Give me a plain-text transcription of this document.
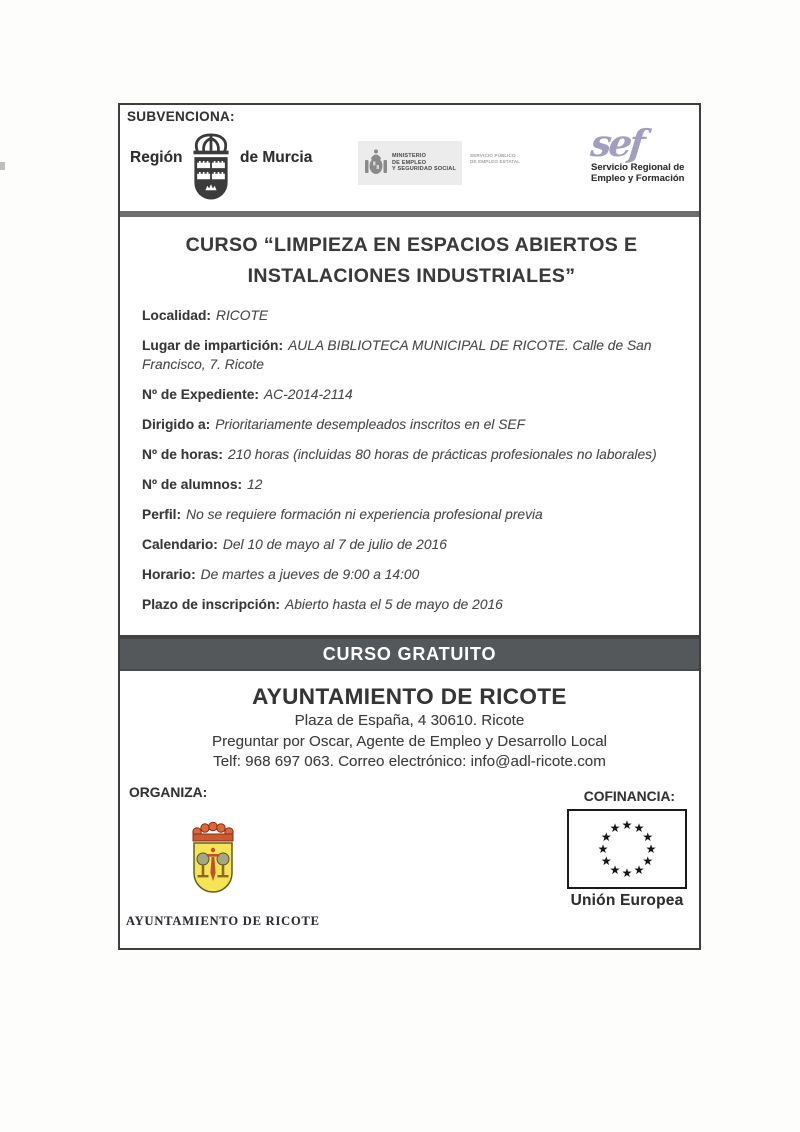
SUBVENCIONA:
Región	de Murcia	MINISTERIO
DE EMPLEO
Y SEGURIDAD SOCIAL
SERVICIO PÚBLICO
DE EMPLEO ESTATAL sef
Servicio Regional de
Empleo y Formación
CURSO “LIMPIEZA EN ESPACIOS ABIERTOS E
INSTALACIONES INDUSTRIALES”
Localidad: RICOTE
Lugar de impartición: AULA BIBLIOTECA MUNICIPAL DE RICOTE. Calle de San Francisco, 7. Ricote
Nº de Expediente: AC-2014-2114
Dirigido a: Prioritariamente desempleados inscritos en el SEF
Nº de horas: 210 horas (incluidas 80 horas de prácticas profesionales no laborales)
Nº de alumnos: 12
Perfil: No se requiere formación ni experiencia profesional previa
Calendario: Del 10 de mayo al 7 de julio de 2016
Horario: De martes a jueves de 9:00 a 14:00
Plazo de inscripción: Abierto hasta el 5 de mayo de 2016
CURSO GRATUITO
AYUNTAMIENTO DE RICOTE
Plaza de España, 4 30610. Ricote
Preguntar por Oscar, Agente de Empleo y Desarrollo Local
Telf: 968 697 063. Correo electrónico: info@adl-ricote.com
ORGANIZA:	COFINANCIA:
AYUNTAMIENTO DE RICOTE
★ ★
★
★
★
★
★
★
★
★
★
★
Unión Europea
